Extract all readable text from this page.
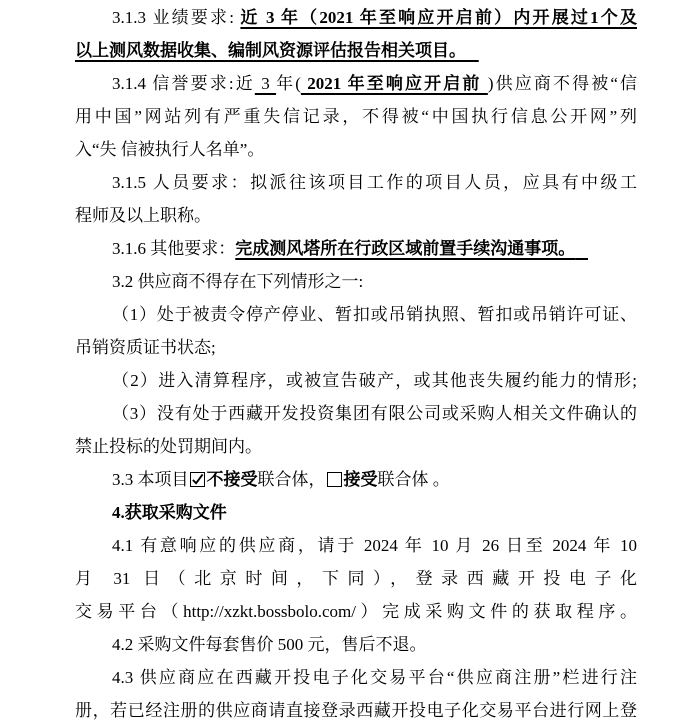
3.1.3 业绩要求: 近 3 年（2021 年至响应开启前）内开展过1个及
以上测风数据收集、编制风资源评估报告相关项目。
3.1.4 信誉要求:近 3 年( 2021 年至响应开启前 )供应商不得被“信
用中国”网站列有严重失信记录，不得被“中国执行信息公开网”列
入“失 信被执行人名单”。
3.1.5 人员要求：拟派往该项目工作的项目人员，应具有中级工
程师及以上职称。
3.1.6 其他要求：完成测风塔所在行政区域前置手续沟通事项。
3.2 供应商不得存在下列情形之一:
（1）处于被责令停产停业、暂扣或吊销执照、暂扣或吊销许可证、
吊销资质证书状态;
（2）进入清算程序，或被宣告破产，或其他丧失履约能力的情形;
（3）没有处于西藏开发投资集团有限公司或采购人相关文件确认的
禁止投标的处罚期间内。
3.3 本项目 不接受联合体， 接受联合体 。
4.获取采购文件
4.1 有意响应的供应商，请于 2024 年 10 月 26 日至 2024 年 10
月 31 日（北京时间，下同），登录西藏开投电子化
交易平台（http://xzkt.bossbolo.com/）完成采购文件的获取程序。
4.2 采购文件每套售价 500 元，售后不退。
4.3 供应商应在西藏开投电子化交易平台“供应商注册”栏进行注
册，若已经注册的供应商请直接登录西藏开投电子化交易平台进行网上登
